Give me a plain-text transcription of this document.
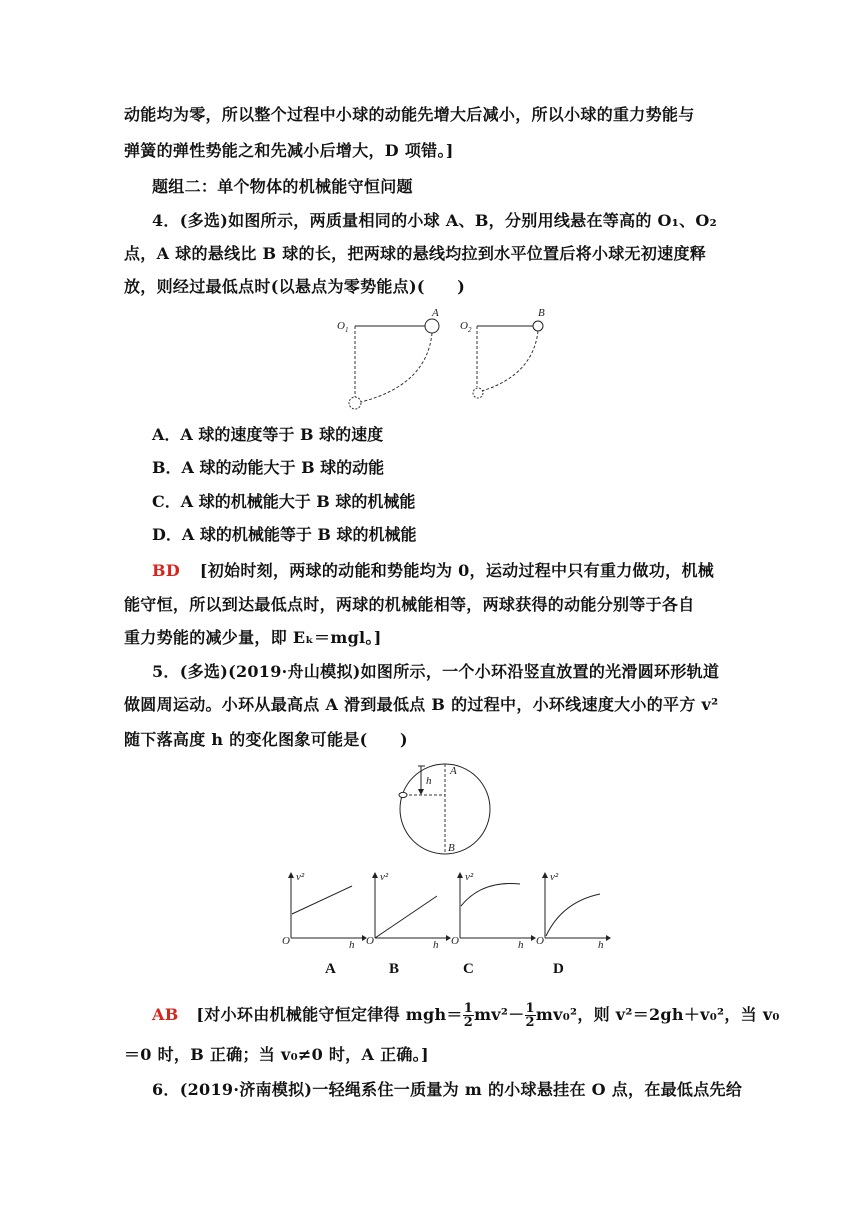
动能均为零，所以整个过程中小球的动能先增大后减小，所以小球的重力势能与
弹簧的弹性势能之和先减小后增大，D 项错。]
题组二：单个物体的机械能守恒问题
4．(多选)如图所示，两质量相同的小球 A、B，分别用线悬在等高的 O₁、O₂
点，A 球的悬线比 B 球的长，把两球的悬线均拉到水平位置后将小球无初速度释
放，则经过最低点时(以悬点为零势能点)(　　)
$O_1$
A
$O_2$
B
A．A 球的速度等于 B 球的速度
B．A 球的动能大于 B 球的动能
C．A 球的机械能大于 B 球的机械能
D．A 球的机械能等于 B 球的机械能
BD [初始时刻，两球的动能和势能均为 0，运动过程中只有重力做功，机械
能守恒，所以到达最低点时，两球的机械能相等，两球获得的动能分别等于各自
重力势能的减少量，即 Eₖ＝mgl。]
5．(多选)(2019·舟山模拟)如图所示，一个小环沿竖直放置的光滑圆环形轨道
做圆周运动。小环从最高点 A 滑到最低点 B 的过程中，小环线速度大小的平方 v²
随下落高度 h 的变化图象可能是(　　)
h
A
B
v²
O	h
v²
O	h
v²
O	h
v²
O	h
A	B	C	D
AB [对小环由机械能守恒定律得 $mgh= \frac{1}{2} mv^2- \frac{1}{2} mv_0^2$，则 v²＝2gh＋v₀²，当 v₀
＝0 时，B 正确；当 v₀≠0 时，A 正确。]
6．(2019·济南模拟)一轻绳系住一质量为 m 的小球悬挂在 O 点，在最低点先给
